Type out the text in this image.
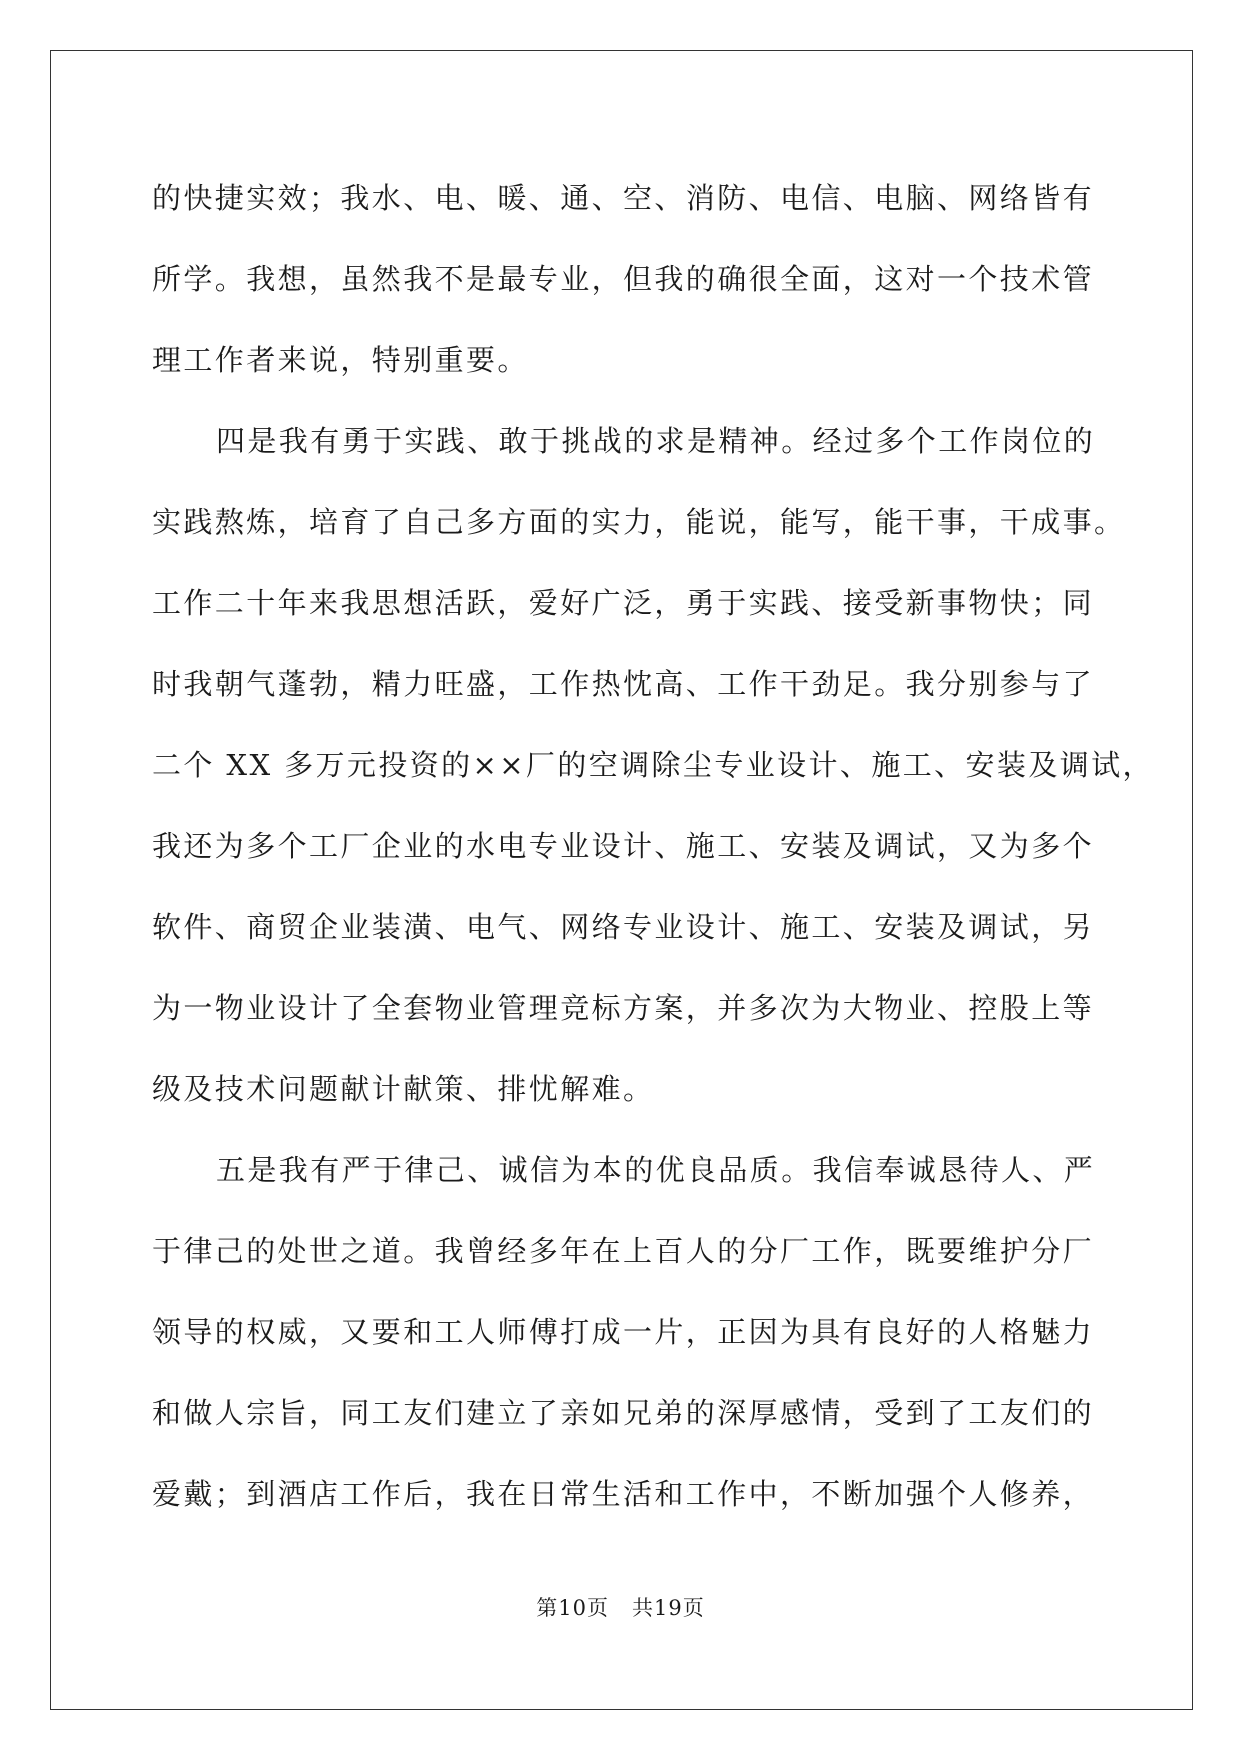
的快捷实效；我水、电、暖、通、空、消防、电信、电脑、网络皆有
所学。我想，虽然我不是最专业，但我的确很全面，这对一个技术管
理工作者来说，特别重要。
四是我有勇于实践、敢于挑战的求是精神。经过多个工作岗位的
实践熬炼，培育了自己多方面的实力，能说，能写，能干事，干成事。
工作二十年来我思想活跃，爱好广泛，勇于实践、接受新事物快；同
时我朝气蓬勃，精力旺盛，工作热忱高、工作干劲足。我分别参与了
二个 XX 多万元投资的××厂的空调除尘专业设计、施工、安装及调试，
我还为多个工厂企业的水电专业设计、施工、安装及调试，又为多个
软件、商贸企业装潢、电气、网络专业设计、施工、安装及调试，另
为一物业设计了全套物业管理竞标方案，并多次为大物业、控股上等
级及技术问题献计献策、排忧解难。
五是我有严于律己、诚信为本的优良品质。我信奉诚恳待人、严
于律己的处世之道。我曾经多年在上百人的分厂工作，既要维护分厂
领导的权威，又要和工人师傅打成一片，正因为具有良好的人格魅力
和做人宗旨，同工友们建立了亲如兄弟的深厚感情，受到了工友们的
爱戴；到酒店工作后，我在日常生活和工作中，不断加强个人修养，
第10页 共19页
